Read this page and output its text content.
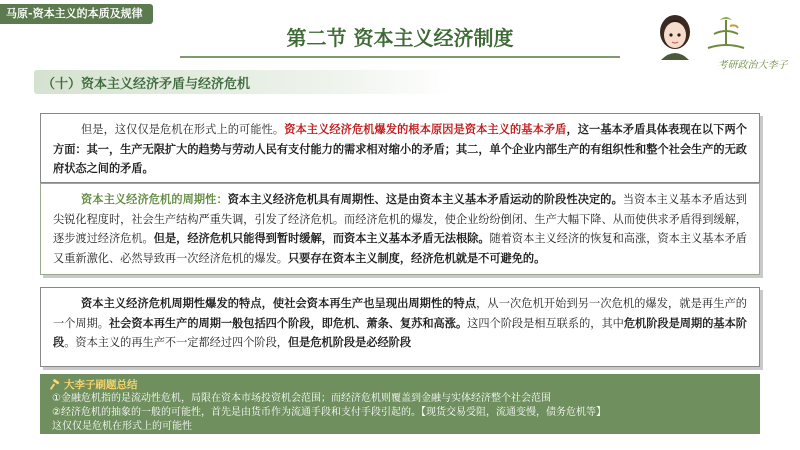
马原-资本主义的本质及规律
第二节 资本主义经济制度
考研政治大李子
（十）资本主义经济矛盾与经济危机
但是，这仅仅是危机在形式上的可能性。资本主义经济危机爆发的根本原因是资本主义的基本矛盾，这一基本矛盾具体表现在以下两个方面：其一，生产无限扩大的趋势与劳动人民有支付能力的需求相对缩小的矛盾；其二，单个企业内部生产的有组织性和整个社会生产的无政府状态之间的矛盾。
资本主义经济危机的周期性：资本主义经济危机具有周期性、这是由资本主义基本矛盾运动的阶段性决定的。当资本主义基本矛盾达到尖锐化程度时，社会生产结构严重失调，引发了经济危机。而经济危机的爆发，使企业纷纷倒闭、生产大幅下降、从而使供求矛盾得到缓解，逐步渡过经济危机。但是，经济危机只能得到暂时缓解，而资本主义基本矛盾无法根除。随着资本主义经济的恢复和高涨，资本主义基本矛盾又重新激化、必然导致再一次经济危机的爆发。只要存在资本主义制度，经济危机就是不可避免的。
资本主义经济危机周期性爆发的特点，使社会资本再生产也呈现出周期性的特点，从一次危机开始到另一次危机的爆发，就是再生产的一个周期。社会资本再生产的周期一般包括四个阶段，即危机、萧条、复苏和高涨。这四个阶段是相互联系的，其中危机阶段是周期的基本阶段。资本主义的再生产不一定都经过四个阶段，但是危机阶段是必经阶段
大李子刷题总结

①金融危机指的是流动性危机，局限在资本市场投资机会范围；而经济危机则覆盖到金融与实体经济整个社会范围

②经济危机的抽象的一般的可能性，首先是由货币作为流通手段和支付手段引起的。【现货交易受阻，流通变慢，债务危机等】

这仅仅是危机在形式上的可能性
